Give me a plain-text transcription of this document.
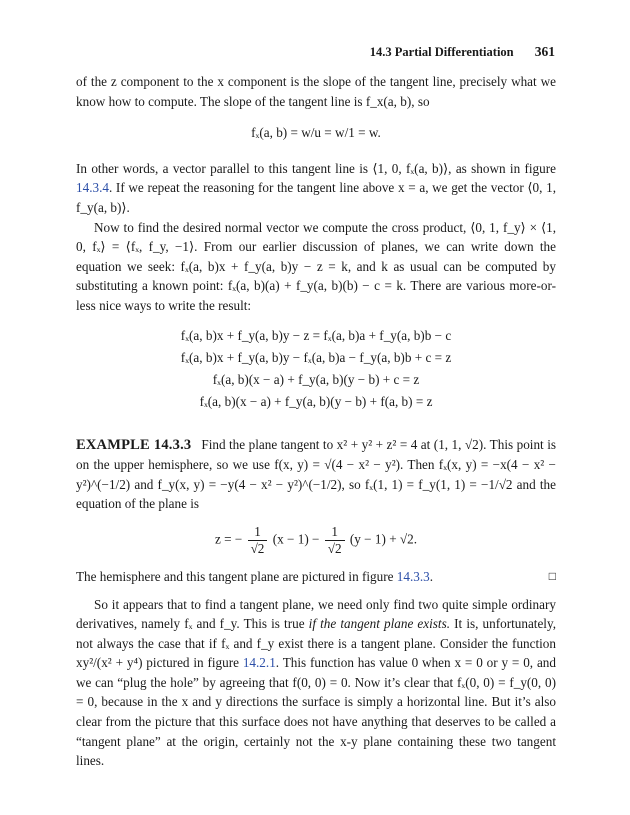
14.3 Partial Differentiation 361

of the z component to the x component is the slope of the tangent line, precisely what we know how to compute. The slope of the tangent line is f_x(a, b), so

fₓ(a, b) = w/u = w/1 = w.

In other words, a vector parallel to this tangent line is ⟨1, 0, fₓ(a, b)⟩, as shown in figure 14.3.4. If we repeat the reasoning for the tangent line above x = a, we get the vector ⟨0, 1, f_y(a, b)⟩.

Now to find the desired normal vector we compute the cross product, ⟨0, 1, f_y⟩ × ⟨1, 0, fₓ⟩ = ⟨fₓ, f_y, −1⟩. From our earlier discussion of planes, we can write down the equation we seek: fₓ(a, b)x + f_y(a, b)y − z = k, and k as usual can be computed by substituting a known point: fₓ(a, b)(a) + f_y(a, b)(b) − c = k. There are various more-or-less nice ways to write the result:

fₓ(a, b)x + f_y(a, b)y − z = fₓ(a, b)a + f_y(a, b)b − c
fₓ(a, b)x + f_y(a, b)y − fₓ(a, b)a − f_y(a, b)b + c = z
fₓ(a, b)(x − a) + f_y(a, b)(y − b) + c = z
fₓ(a, b)(x − a) + f_y(a, b)(y − b) + f(a, b) = z

EXAMPLE 14.3.3 Find the plane tangent to x² + y² + z² = 4 at (1, 1, √2). This point is on the upper hemisphere, so we use f(x, y) = √(4 − x² − y²). Then fₓ(x, y) = −x(4 − x² − y²)^(−1/2) and f_y(x, y) = −y(4 − x² − y²)^(−1/2), so fₓ(1, 1) = f_y(1, 1) = −1/√2 and the equation of the plane is

z = − $\frac{1}{√2} (x - 1) - \frac{1}{√2} (y - 1) + √2$.

The hemisphere and this tangent plane are pictured in figure 14.3.3.	□

So it appears that to find a tangent plane, we need only find two quite simple ordinary derivatives, namely fₓ and f_y. This is true if the tangent plane exists. It is, unfortunately, not always the case that if fₓ and f_y exist there is a tangent plane. Consider the function xy²/(x² + y⁴) pictured in figure 14.2.1. This function has value 0 when x = 0 or y = 0, and we can “plug the hole” by agreeing that f(0, 0) = 0. Now it’s clear that fₓ(0, 0) = f_y(0, 0) = 0, because in the x and y directions the surface is simply a horizontal line. But it’s also clear from the picture that this surface does not have anything that deserves to be called a “tangent plane” at the origin, certainly not the x-y plane containing these two tangent lines.
